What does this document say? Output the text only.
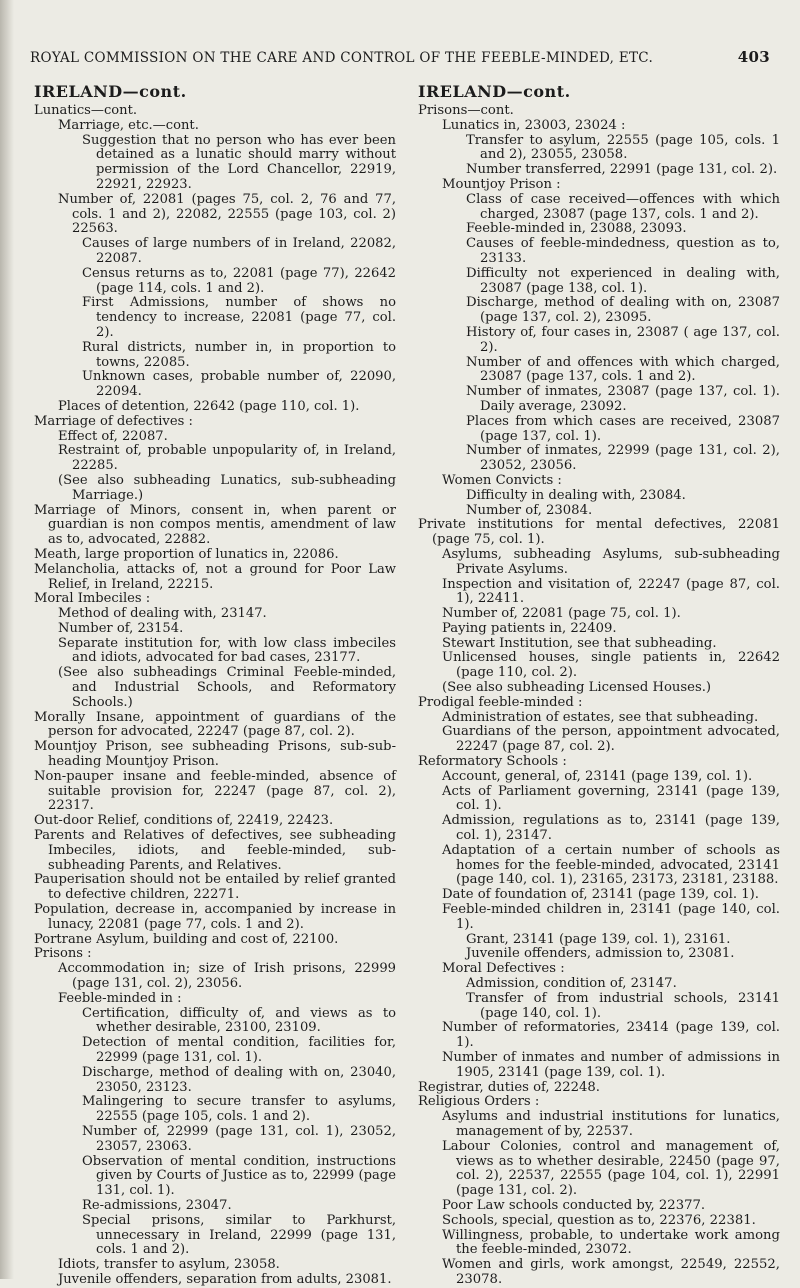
ROYAL COMMISSION ON THE CARE AND CONTROL OF THE FEEBLE-MINDED, ETC.	403
IRELAND—cont.

Lunatics—cont.

Marriage, etc.—cont.

Suggestion that no person who has ever been detained as a lunatic should marry without permission of the Lord Chancellor, 22919, 22921, 22923.

Number of, 22081 (pages 75, col. 2, 76 and 77, cols. 1 and 2), 22082, 22555 (page 103, col. 2) 22563.

Causes of large numbers of in Ireland, 22082, 22087.

Census returns as to, 22081 (page 77), 22642 (page 114, cols. 1 and 2).

First Admissions, number of shows no tendency to increase, 22081 (page 77, col. 2).

Rural districts, number in, in proportion to towns, 22085.

Unknown cases, probable number of, 22090, 22094.

Places of detention, 22642 (page 110, col. 1).

Marriage of defectives :

Effect of, 22087.

Restraint of, probable unpopularity of, in Ireland, 22285.

(See also subheading Lunatics, sub-subheading Marriage.)

Marriage of Minors, consent in, when parent or guardian is non compos mentis, amendment of law as to, advocated, 22882.

Meath, large proportion of lunatics in, 22086.

Melancholia, attacks of, not a ground for Poor Law Relief, in Ireland, 22215.

Moral Imbeciles :

Method of dealing with, 23147.

Number of, 23154.

Separate institution for, with low class imbeciles and idiots, advocated for bad cases, 23177.

(See also subheadings Criminal Feeble-minded, and Industrial Schools, and Reformatory Schools.)

Morally Insane, appointment of guardians of the person for advocated, 22247 (page 87, col. 2).

Mountjoy Prison, see subheading Prisons, sub-sub-heading Mountjoy Prison.

Non-pauper insane and feeble-minded, absence of suitable provision for, 22247 (page 87, col. 2), 22317.

Out-door Relief, conditions of, 22419, 22423.

Parents and Relatives of defectives, see subheading Imbeciles, idiots, and feeble-minded, sub-subheading Parents, and Relatives.

Pauperisation should not be entailed by relief granted to defective children, 22271.

Population, decrease in, accompanied by increase in lunacy, 22081 (page 77, cols. 1 and 2).

Portrane Asylum, building and cost of, 22100.

Prisons :

Accommodation in; size of Irish prisons, 22999 (page 131, col. 2), 23056.

Feeble-minded in :

Certification, difficulty of, and views as to whether desirable, 23100, 23109.

Detection of mental condition, facilities for, 22999 (page 131, col. 1).

Discharge, method of dealing with on, 23040, 23050, 23123.

Malingering to secure transfer to asylums, 22555 (page 105, cols. 1 and 2).

Number of, 22999 (page 131, col. 1), 23052, 23057, 23063.

Observation of mental condition, instructions given by Courts of Justice as to, 22999 (page 131, col. 1).

Re-admissions, 23047.

Special prisons, similar to Parkhurst, unnecessary in Ireland, 22999 (page 131, cols. 1 and 2).

Idiots, transfer to asylum, 23058.

Juvenile offenders, separation from adults, 23081.

IRELAND—cont.

Prisons—cont.

Lunatics in, 23003, 23024 :

Transfer to asylum, 22555 (page 105, cols. 1 and 2), 23055, 23058.

Number transferred, 22991 (page 131, col. 2).

Mountjoy Prison :

Class of case received—offences with which charged, 23087 (page 137, cols. 1 and 2).

Feeble-minded in, 23088, 23093.

Causes of feeble-mindedness, question as to, 23133.

Difficulty not experienced in dealing with, 23087 (page 138, col. 1).

Discharge, method of dealing with on, 23087 (page 137, col. 2), 23095.

History of, four cases in, 23087 ( age 137, col. 2).

Number of and offences with which charged, 23087 (page 137, cols. 1 and 2).

Number of inmates, 23087 (page 137, col. 1). Daily average, 23092.

Places from which cases are received, 23087 (page 137, col. 1).

Number of inmates, 22999 (page 131, col. 2), 23052, 23056.

Women Convicts :

Difficulty in dealing with, 23084.

Number of, 23084.

Private institutions for mental defectives, 22081 (page 75, col. 1).

Asylums, subheading Asylums, sub-subheading Private Asylums.

Inspection and visitation of, 22247 (page 87, col. 1), 22411.

Number of, 22081 (page 75, col. 1).

Paying patients in, 22409.

Stewart Institution, see that subheading.

Unlicensed houses, single patients in, 22642 (page 110, col. 2).

(See also subheading Licensed Houses.)

Prodigal feeble-minded :

Administration of estates, see that subheading.

Guardians of the person, appointment advocated, 22247 (page 87, col. 2).

Reformatory Schools :

Account, general, of, 23141 (page 139, col. 1).

Acts of Parliament governing, 23141 (page 139, col. 1).

Admission, regulations as to, 23141 (page 139, col. 1), 23147.

Adaptation of a certain number of schools as homes for the feeble-minded, advocated, 23141 (page 140, col. 1), 23165, 23173, 23181, 23188.

Date of foundation of, 23141 (page 139, col. 1).

Feeble-minded children in, 23141 (page 140, col. 1).

Grant, 23141 (page 139, col. 1), 23161.

Juvenile offenders, admission to, 23081.

Moral Defectives :

Admission, condition of, 23147.

Transfer of from industrial schools, 23141 (page 140, col. 1).

Number of reformatories, 23414 (page 139, col. 1).

Number of inmates and number of admissions in 1905, 23141 (page 139, col. 1).

Registrar, duties of, 22248.

Religious Orders :

Asylums and industrial institutions for lunatics, management of by, 22537.

Labour Colonies, control and management of, views as to whether desirable, 22450 (page 97, col. 2), 22537, 22555 (page 104, col. 1), 22991 (page 131, col. 2).

Poor Law schools conducted by, 22377.

Schools, special, question as to, 22376, 22381.

Willingness, probable, to undertake work among the feeble-minded, 23072.

Women and girls, work amongst, 22549, 22552, 23078.
